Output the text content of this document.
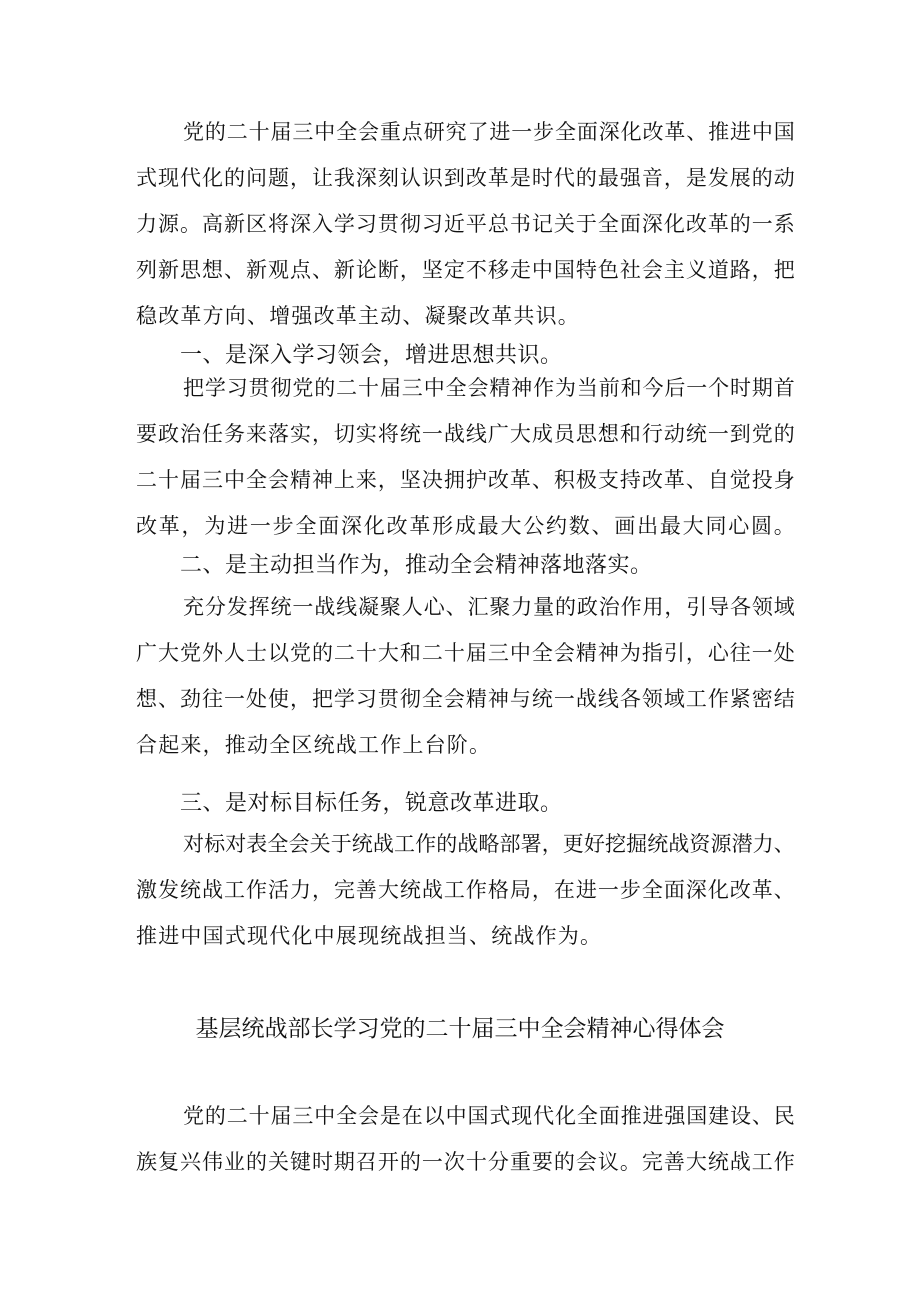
党的二十届三中全会重点研究了进一步全面深化改革、推进中国
式现代化的问题，让我深刻认识到改革是时代的最强音，是发展的动
力源。高新区将深入学习贯彻习近平总书记关于全面深化改革的一系
列新思想、新观点、新论断，坚定不移走中国特色社会主义道路，把
稳改革方向、增强改革主动、凝聚改革共识。
一、是深入学习领会，增进思想共识。
把学习贯彻党的二十届三中全会精神作为当前和今后一个时期首
要政治任务来落实，切实将统一战线广大成员思想和行动统一到党的
二十届三中全会精神上来，坚决拥护改革、积极支持改革、自觉投身
改革，为进一步全面深化改革形成最大公约数、画出最大同心圆。
二、是主动担当作为，推动全会精神落地落实。
充分发挥统一战线凝聚人心、汇聚力量的政治作用，引导各领域
广大党外人士以党的二十大和二十届三中全会精神为指引，心往一处
想、劲往一处使，把学习贯彻全会精神与统一战线各领域工作紧密结
合起来，推动全区统战工作上台阶。
三、是对标目标任务，锐意改革进取。
对标对表全会关于统战工作的战略部署，更好挖掘统战资源潜力、
激发统战工作活力，完善大统战工作格局，在进一步全面深化改革、
推进中国式现代化中展现统战担当、统战作为。
基层统战部长学习党的二十届三中全会精神心得体会
党的二十届三中全会是在以中国式现代化全面推进强国建设、民
族复兴伟业的关键时期召开的一次十分重要的会议。完善大统战工作
